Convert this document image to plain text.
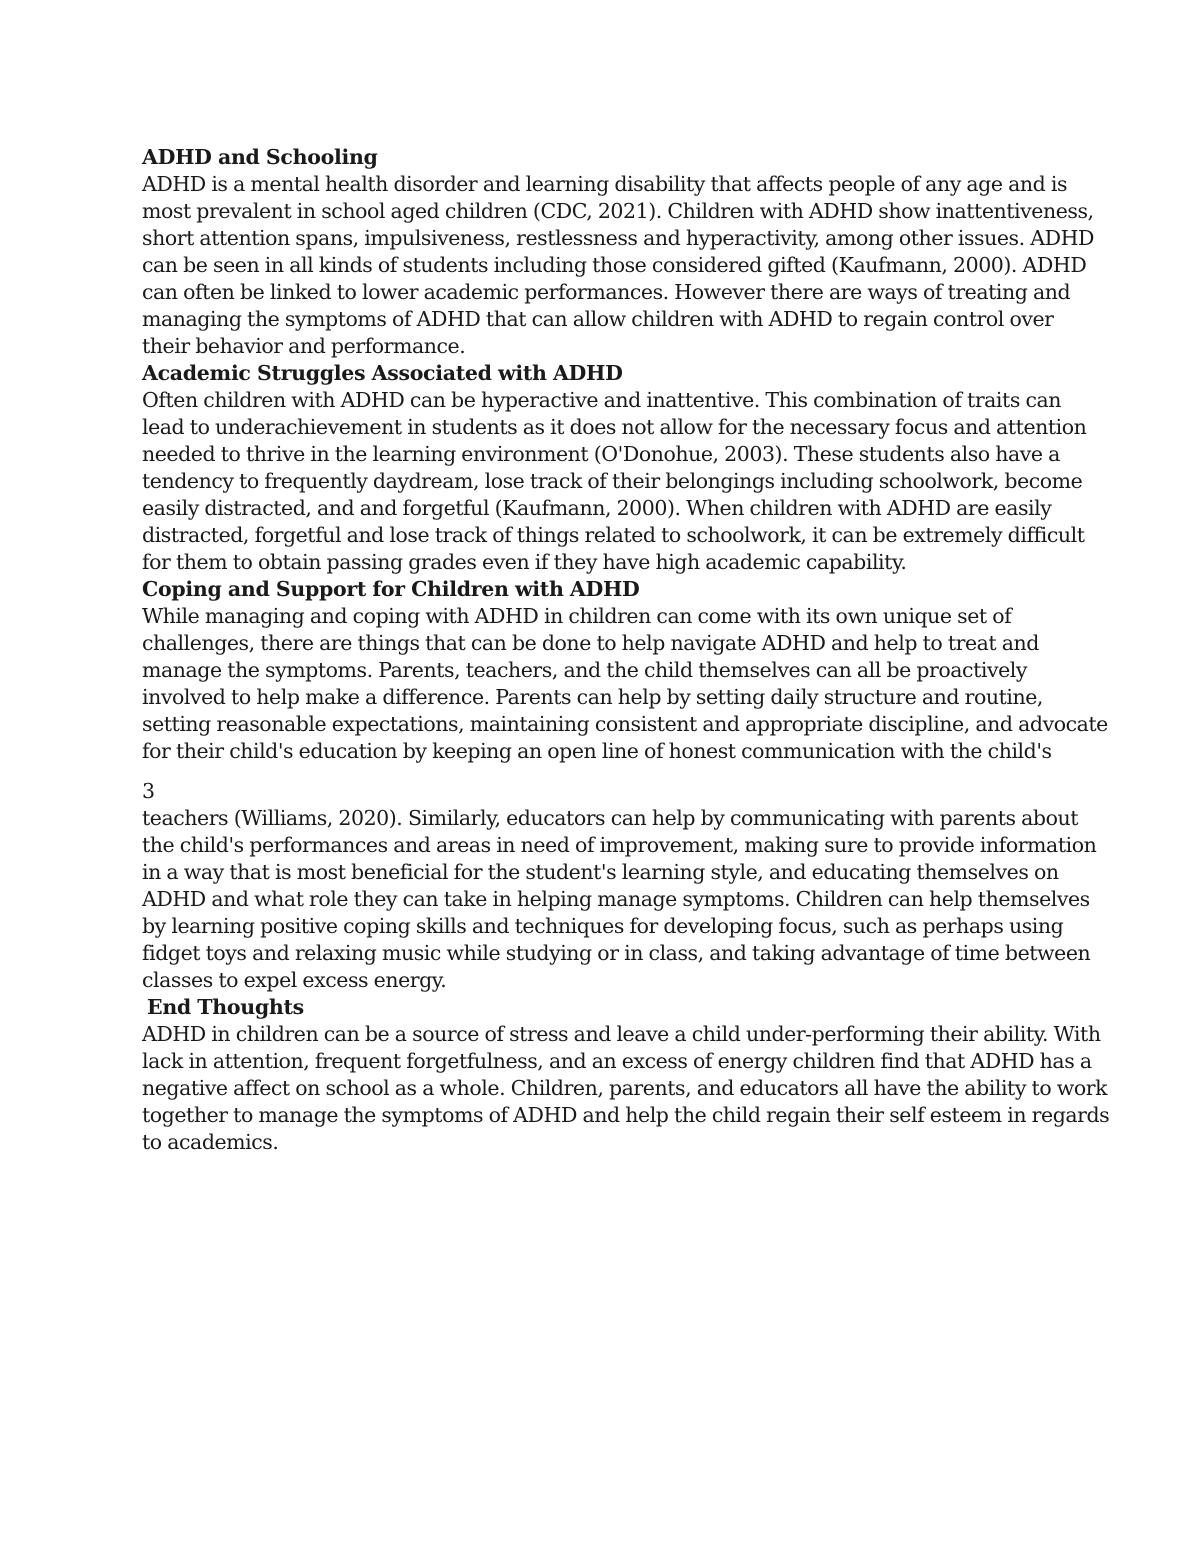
ADHD and Schooling
ADHD is a mental health disorder and learning disability that affects people of any age and is
most prevalent in school aged children (CDC, 2021). Children with ADHD show inattentiveness,
short attention spans, impulsiveness, restlessness and hyperactivity, among other issues. ADHD
can be seen in all kinds of students including those considered gifted (Kaufmann, 2000). ADHD
can often be linked to lower academic performances. However there are ways of treating and
managing the symptoms of ADHD that can allow children with ADHD to regain control over
their behavior and performance.
Academic Struggles Associated with ADHD
Often children with ADHD can be hyperactive and inattentive. This combination of traits can
lead to underachievement in students as it does not allow for the necessary focus and attention
needed to thrive in the learning environment (O'Donohue, 2003). These students also have a
tendency to frequently daydream, lose track of their belongings including schoolwork, become
easily distracted, and and forgetful (Kaufmann, 2000). When children with ADHD are easily
distracted, forgetful and lose track of things related to schoolwork, it can be extremely difficult
for them to obtain passing grades even if they have high academic capability.
Coping and Support for Children with ADHD
While managing and coping with ADHD in children can come with its own unique set of
challenges, there are things that can be done to help navigate ADHD and help to treat and
manage the symptoms. Parents, teachers, and the child themselves can all be proactively
involved to help make a difference. Parents can help by setting daily structure and routine,
setting reasonable expectations, maintaining consistent and appropriate discipline, and advocate
for their child's education by keeping an open line of honest communication with the child's
3
teachers (Williams, 2020). Similarly, educators can help by communicating with parents about
the child's performances and areas in need of improvement, making sure to provide information
in a way that is most beneficial for the student's learning style, and educating themselves on
ADHD and what role they can take in helping manage symptoms. Children can help themselves
by learning positive coping skills and techniques for developing focus, such as perhaps using
fidget toys and relaxing music while studying or in class, and taking advantage of time between
classes to expel excess energy.
End Thoughts
ADHD in children can be a source of stress and leave a child under-performing their ability. With
lack in attention, frequent forgetfulness, and an excess of energy children find that ADHD has a
negative affect on school as a whole. Children, parents, and educators all have the ability to work
together to manage the symptoms of ADHD and help the child regain their self esteem in regards
to academics.
